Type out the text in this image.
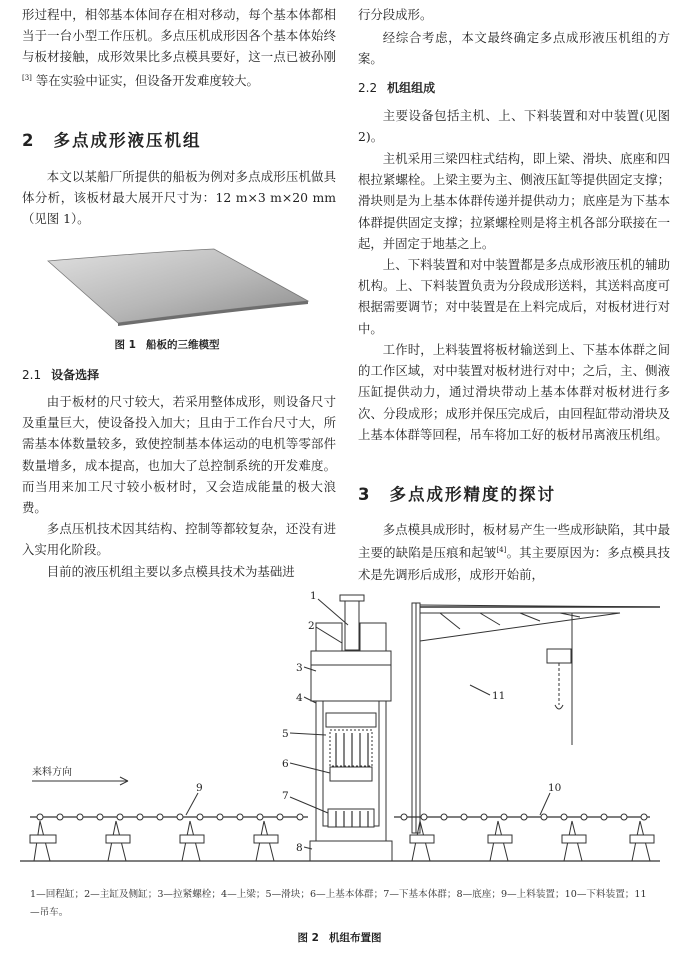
形过程中，相邻基本体间存在相对移动，每个基本体都相当于一台小型工作压机。多点压机成形因各个基本体始终与板材接触，成形效果比多点模具要好，这一点已被孙刚[3] 等在实验中证实，但设备开发难度较大。

2 多点成形液压机组

本文以某船厂所提供的船板为例对多点成形压机做具体分析，该板材最大展开尺寸为：12 m×3 m×20 mm（见图 1）。

图 1 船板的三维模型

2.1 设备选择

由于板材的尺寸较大，若采用整体成形，则设备尺寸及重量巨大，使设备投入加大；且由于工作台尺寸大，所需基本体数量较多，致使控制基本体运动的电机等零部件数量增多，成本提高，也加大了总控制系统的开发难度。而当用来加工尺寸较小板材时，又会造成能量的极大浪费。

多点压机技术因其结构、控制等都较复杂，还没有进入实用化阶段。

目前的液压机组主要以多点模具技术为基础进

行分段成形。

经综合考虑，本文最终确定多点成形液压机组的方案。

2.2 机组组成

主要设备包括主机、上、下料装置和对中装置(见图 2)。

主机采用三梁四柱式结构，即上梁、滑块、底座和四根拉紧螺栓。上梁主要为主、侧液压缸等提供固定支撑；滑块则是为上基本体群传递并提供动力；底座是为下基本体群提供固定支撑；拉紧螺栓则是将主机各部分联接在一起，并固定于地基之上。

上、下料装置和对中装置都是多点成形液压机的辅助机构。上、下料装置负责为分段成形送料，其送料高度可根据需要调节；对中装置是在上料完成后，对板材进行对中。

工作时，上料装置将板材输送到上、下基本体群之间的工作区域，对中装置对板材进行对中；之后，主、侧液压缸提供动力，通过滑块带动上基本体群对板材进行多次、分段成形；成形并保压完成后，由回程缸带动滑块及上基本体群等回程，吊车将加工好的板材吊离液压机组。

3 多点成形精度的探讨

多点模具成形时，板材易产生一些成形缺陷，其中最主要的缺陷是压痕和起皱[4]。其主要原因为：多点模具技术是先调形后成形，成形开始前，

来料方向
1
2
3
4
5
6
7
8
9	10
11
1—回程缸；2—主缸及侧缸；3—拉紧螺栓；4—上梁；5—滑块；6—上基本体群；7—下基本体群；8—底座；9—上料装置；10—下料装置；11—吊车。

图 2 机组布置图
